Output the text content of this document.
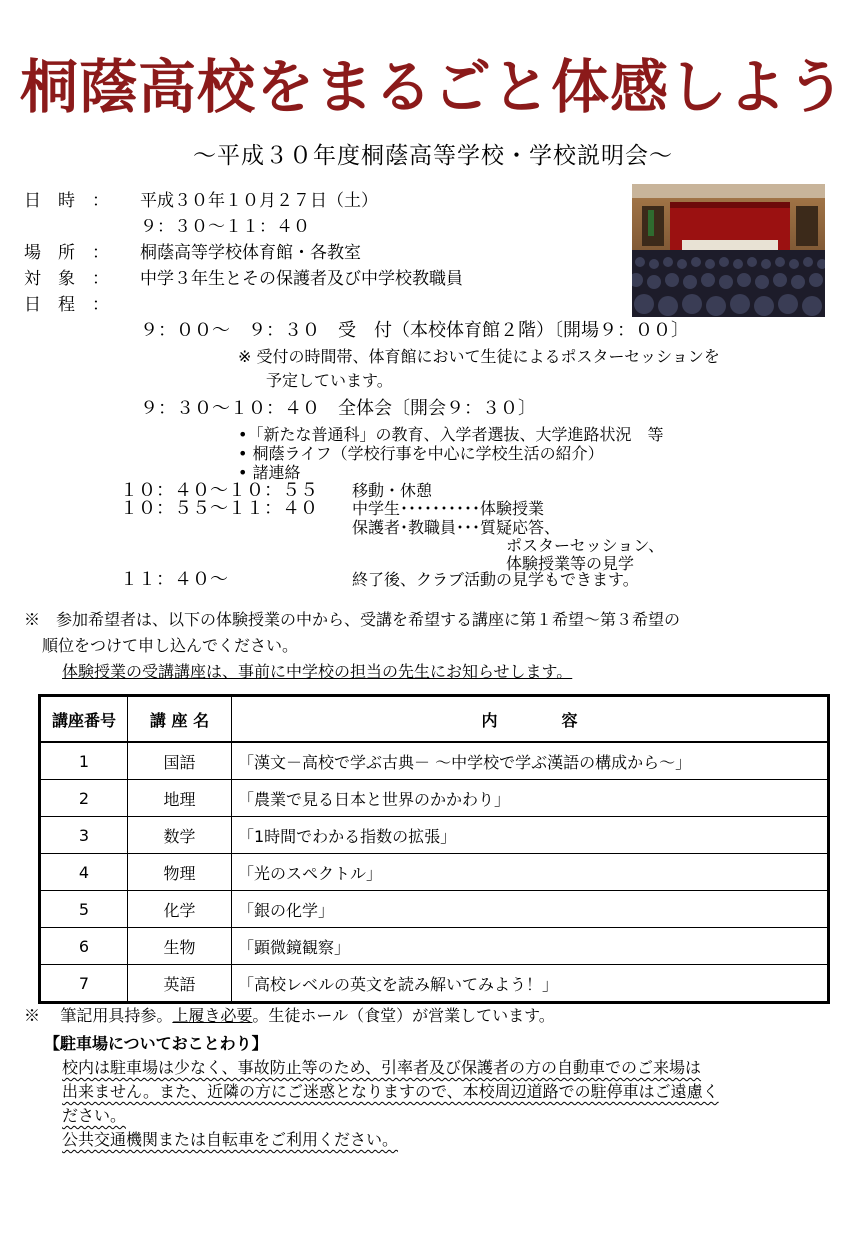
桐蔭高校をまるごと体感しよう
～平成３０年度桐蔭高等学校・学校説明会～
日　時　： 平成３０年１０月２７日（土）
９：３０～１１：４０
場　所　： 桐蔭高等学校体育館・各教室
対　象　： 中学３年生とその保護者及び中学校教職員
日　程　：
９：００～　９：３０　受　付（本校体育館２階）〔開場９：００〕
※ 受付の時間帯、体育館において生徒によるポスターセッションを
予定しています。
９：３０～１０：４０　全体会〔開会９：３０〕
•「新たな普通科」の教育、入学者選抜、大学進路状況　等
• 桐蔭ライフ（学校行事を中心に学校生活の紹介）
• 諸連絡
１０：４０～１０：５５ 移動・休憩
１０：５５～１１：４０ 中学生･･････････体験授業
保護者･教職員･･･質疑応答、
ポスターセッション、
体験授業等の見学
１１：４０～	終了後、クラブ活動の見学もできます。
※　参加希望者は、以下の体験授業の中から、受講を希望する講座に第１希望～第３希望の
順位をつけて申し込んでください。
体験授業の受講講座は、事前に中学校の担当の先生にお知らせします。
講座番号	講 座 名	内　　　　容
1	国語	「漢文－高校で学ぶ古典－ ～中学校で学ぶ漢語の構成から～」
2	地理	「農業で見る日本と世界のかかわり」
3	数学	「1時間でわかる指数の拡張」
4	物理	「光のスペクトル」
5	化学	「銀の化学」
6	生物	「顕微鏡観察」
7	英語	「高校レベルの英文を読み解いてみよう！」
※ 筆記用具持参。上履き必要。生徒ホール（食堂）が営業しています。
【駐車場についておことわり】
校内は駐車場は少なく、事故防止等のため、引率者及び保護者の方の自動車でのご来場は
出来ません。また、近隣の方にご迷惑となりますので、本校周辺道路での駐停車はご遠慮く
ださい。
公共交通機関または自転車をご利用ください。
